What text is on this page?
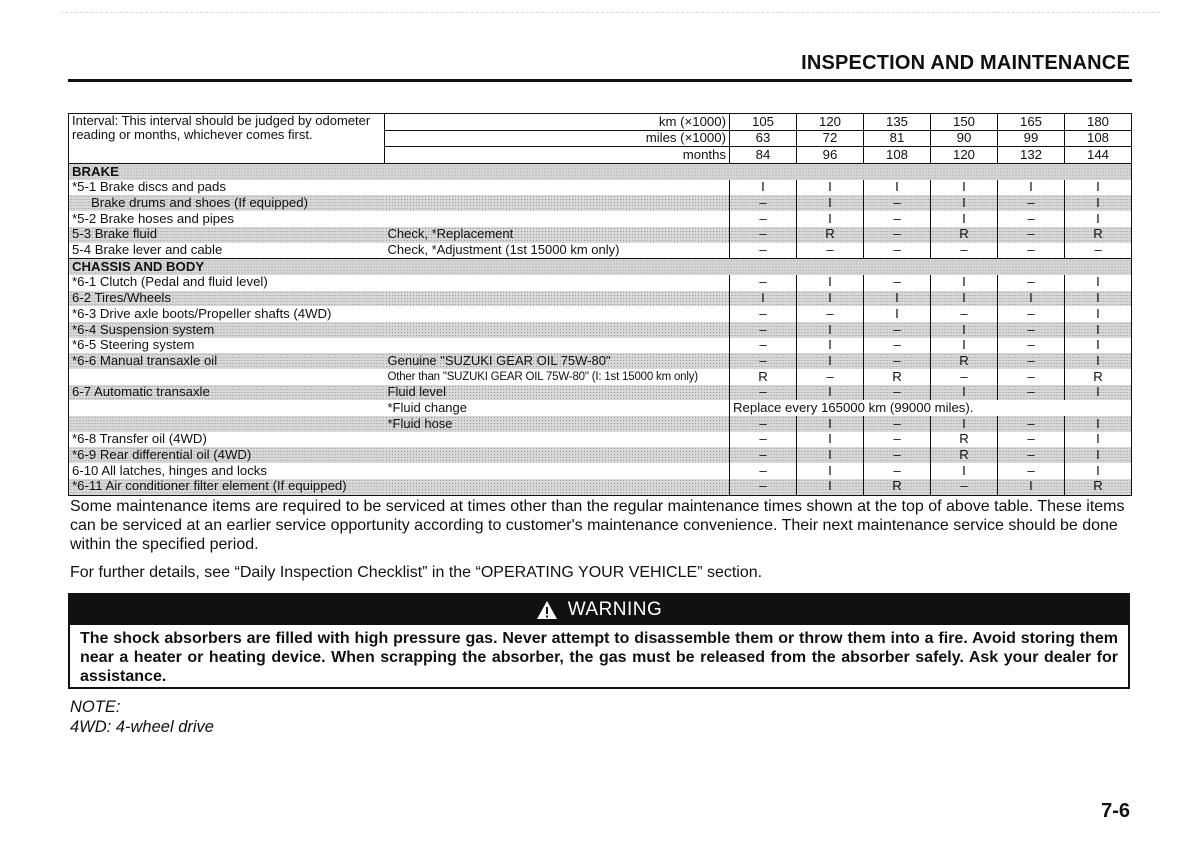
INSPECTION AND MAINTENANCE
Interval: This interval should be judged by odometer
reading or months, whichever comes first.	km (×1000)	105	120	135	150	165	180
	miles (×1000)	63	72	81	90	99	108
	months	84	96	108	120	132	144
BRAKE							
*5-1 Brake discs and pads		I	I	I	I	I	I
Brake drums and shoes (If equipped)		–	I	–	I	–	I
*5-2 Brake hoses and pipes		–	I	–	I	–	I
5-3 Brake fluid	Check, *Replacement	–	R	–	R	–	R
5-4 Brake lever and cable	Check, *Adjustment (1st 15000 km only)	–	–	–	–	–	–
CHASSIS AND BODY							
*6-1 Clutch (Pedal and fluid level)		–	I	–	I	–	I
6-2 Tires/Wheels		I	I	I	I	I	I
*6-3 Drive axle boots/Propeller shafts (4WD)		–	–	I	–	–	I
*6-4 Suspension system		–	I	–	I	–	I
*6-5 Steering system		–	I	–	I	–	I
*6-6 Manual transaxle oil	Genuine "SUZUKI GEAR OIL 75W-80"	–	I	–	R	–	I
	Other than "SUZUKI GEAR OIL 75W-80" (I: 1st 15000 km only)	R	–	R	–	–	R
6-7 Automatic transaxle	Fluid level	–	I	–	I	–	I
	*Fluid change	Replace every 165000 km (99000 miles).					
	*Fluid hose	–	I	–	I	–	I
*6-8 Transfer oil (4WD)		–	I	–	R	–	I
*6-9 Rear differential oil (4WD)		–	I	–	R	–	I
6-10 All latches, hinges and locks		–	I	–	I	–	I
*6-11 Air conditioner filter element (If equipped)		–	I	R	–	I	R
Some maintenance items are required to be serviced at times other than the regular maintenance times shown at the top of above table. These items can be serviced at an earlier service opportunity according to customer's maintenance convenience. Their next maintenance service should be done within the specified period.
For further details, see “Daily Inspection Checklist” in the “OPERATING YOUR VEHICLE” section.
WARNING
The shock absorbers are filled with high pressure gas. Never attempt to disassemble them or throw them into a fire. Avoid storing them near a heater or heating device. When scrapping the absorber, the gas must be released from the absorber safely. Ask your dealer for assistance.
NOTE:
4WD: 4-wheel drive
7-6
